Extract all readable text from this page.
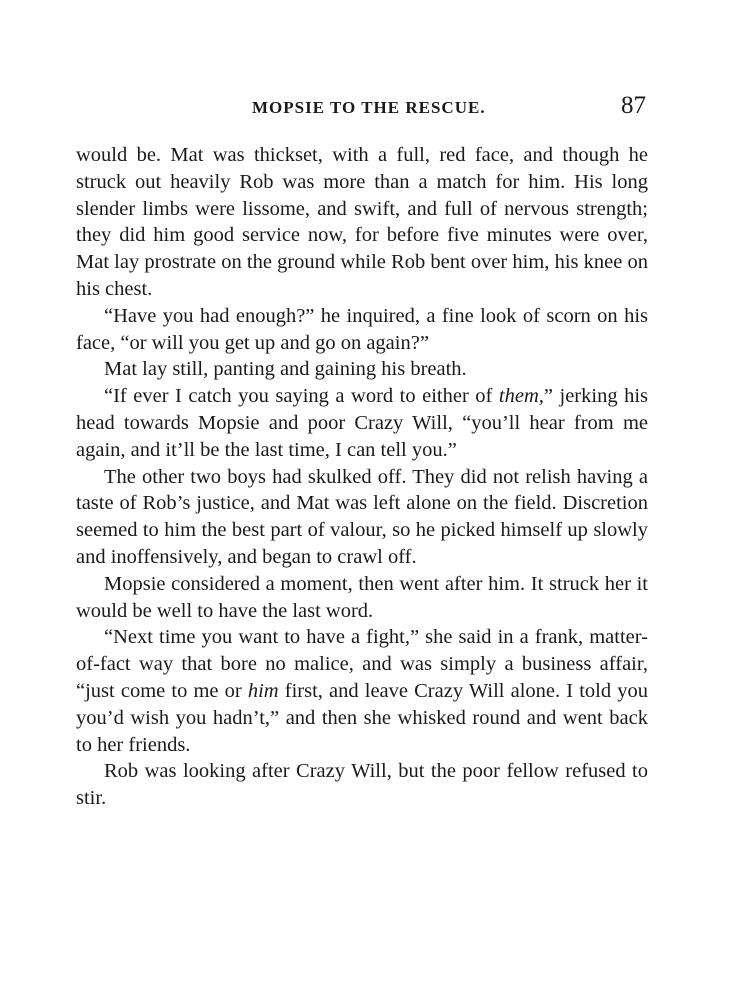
MOPSIE TO THE RESCUE.	87

would be. Mat was thickset, with a full, red face, and though he struck out heavily Rob was more than a match for him. His long slender limbs were lissome, and swift, and full of nervous strength; they did him good service now, for before five minutes were over, Mat lay prostrate on the ground while Rob bent over him, his knee on his chest.

“Have you had enough?” he inquired, a fine look of scorn on his face, “or will you get up and go on again?”

Mat lay still, panting and gaining his breath.

“If ever I catch you saying a word to either of them,” jerking his head towards Mopsie and poor Crazy Will, “you’ll hear from me again, and it’ll be the last time, I can tell you.”

The other two boys had skulked off. They did not relish having a taste of Rob’s justice, and Mat was left alone on the field. Discretion seemed to him the best part of valour, so he picked himself up slowly and inoffensively, and began to crawl off.

Mopsie considered a moment, then went after him. It struck her it would be well to have the last word.

“Next time you want to have a fight,” she said in a frank, matter-of-fact way that bore no malice, and was simply a business affair, “just come to me or him first, and leave Crazy Will alone. I told you you’d wish you hadn’t,” and then she whisked round and went back to her friends.

Rob was looking after Crazy Will, but the poor fellow refused to stir.
